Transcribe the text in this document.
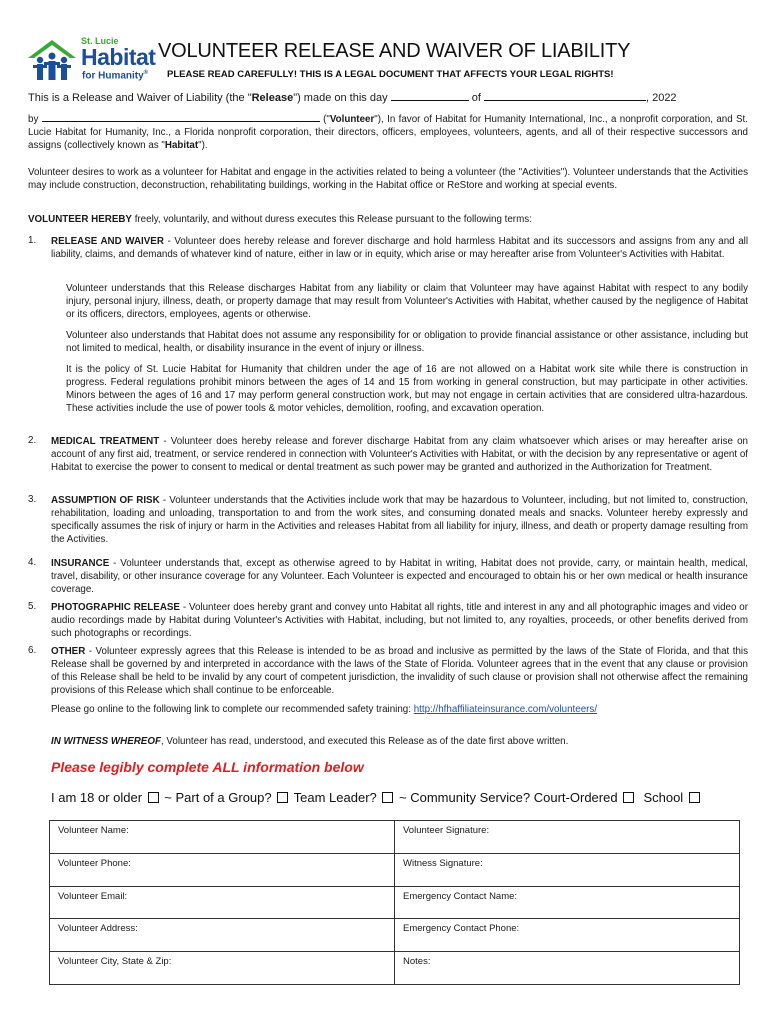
St. Lucie
Habitat
for Humanity®
VOLUNTEER RELEASE AND WAIVER OF LIABILITY
PLEASE READ CAREFULLY! THIS IS A LEGAL DOCUMENT THAT AFFECTS YOUR LEGAL RIGHTS!
This is a Release and Waiver of Liability (the "Release") made on this day	of	, 2022
by	("Volunteer"), In favor of Habitat for Humanity International, Inc., a nonprofit corporation, and St. Lucie Habitat for Humanity, Inc., a Florida nonprofit corporation, their directors, officers, employees, volunteers, agents, and all of their respective successors and assigns (collectively known as "Habitat").
Volunteer desires to work as a volunteer for Habitat and engage in the activities related to being a volunteer (the "Activities"). Volunteer understands that the Activities may include construction, deconstruction, rehabilitating buildings, working in the Habitat office or ReStore and working at special events.
VOLUNTEER HEREBY freely, voluntarily, and without duress executes this Release pursuant to the following terms:
1. RELEASE AND WAIVER - Volunteer does hereby release and forever discharge and hold harmless Habitat and its successors and assigns from any and all liability, claims, and demands of whatever kind of nature, either in law or in equity, which arise or may hereafter arise from Volunteer's Activities with Habitat.
Volunteer understands that this Release discharges Habitat from any liability or claim that Volunteer may have against Habitat with respect to any bodily injury, personal injury, illness, death, or property damage that may result from Volunteer's Activities with Habitat, whether caused by the negligence of Habitat or its officers, directors, employees, agents or otherwise.
Volunteer also understands that Habitat does not assume any responsibility for or obligation to provide financial assistance or other assistance, including but not limited to medical, health, or disability insurance in the event of injury or illness.
It is the policy of St. Lucie Habitat for Humanity that children under the age of 16 are not allowed on a Habitat work site while there is construction in progress. Federal regulations prohibit minors between the ages of 14 and 15 from working in general construction, but may participate in other activities. Minors between the ages of 16 and 17 may perform general construction work, but may not engage in certain activities that are considered ultra-hazardous. These activities include the use of power tools & motor vehicles, demolition, roofing, and excavation operation.
2. MEDICAL TREATMENT - Volunteer does hereby release and forever discharge Habitat from any claim whatsoever which arises or may hereafter arise on account of any first aid, treatment, or service rendered in connection with Volunteer's Activities with Habitat, or with the decision by any representative or agent of Habitat to exercise the power to consent to medical or dental treatment as such power may be granted and authorized in the Authorization for Treatment.
3. ASSUMPTION OF RISK - Volunteer understands that the Activities include work that may be hazardous to Volunteer, including, but not limited to, construction, rehabilitation, loading and unloading, transportation to and from the work sites, and consuming donated meals and snacks. Volunteer hereby expressly and specifically assumes the risk of injury or harm in the Activities and releases Habitat from all liability for injury, illness, and death or property damage resulting from the Activities.
4. INSURANCE - Volunteer understands that, except as otherwise agreed to by Habitat in writing, Habitat does not provide, carry, or maintain health, medical, travel, disability, or other insurance coverage for any Volunteer. Each Volunteer is expected and encouraged to obtain his or her own medical or health insurance coverage.
5. PHOTOGRAPHIC RELEASE - Volunteer does hereby grant and convey unto Habitat all rights, title and interest in any and all photographic images and video or audio recordings made by Habitat during Volunteer's Activities with Habitat, including, but not limited to, any royalties, proceeds, or other benefits derived from such photographs or recordings.
6. OTHER - Volunteer expressly agrees that this Release is intended to be as broad and inclusive as permitted by the laws of the State of Florida, and that this Release shall be governed by and interpreted in accordance with the laws of the State of Florida. Volunteer agrees that in the event that any clause or provision of this Release shall be held to be invalid by any court of competent jurisdiction, the invalidity of such clause or provision shall not otherwise affect the remaining provisions of this Release which shall continue to be enforceable.
Please go online to the following link to complete our recommended safety training: http://hfhaffiliateinsurance.com/volunteers/
IN WITNESS WHEREOF, Volunteer has read, understood, and executed this Release as of the date first above written.
Please legibly complete ALL information below
I am 18 or older ~ Part of a Group? Team Leader? ~ Community Service? Court-Ordered School
Volunteer Name:	Volunteer Signature:
Volunteer Phone:	Witness Signature:
Volunteer Email:	Emergency Contact Name:
Volunteer Address:	Emergency Contact Phone:
Volunteer City, State & Zip:	Notes:
